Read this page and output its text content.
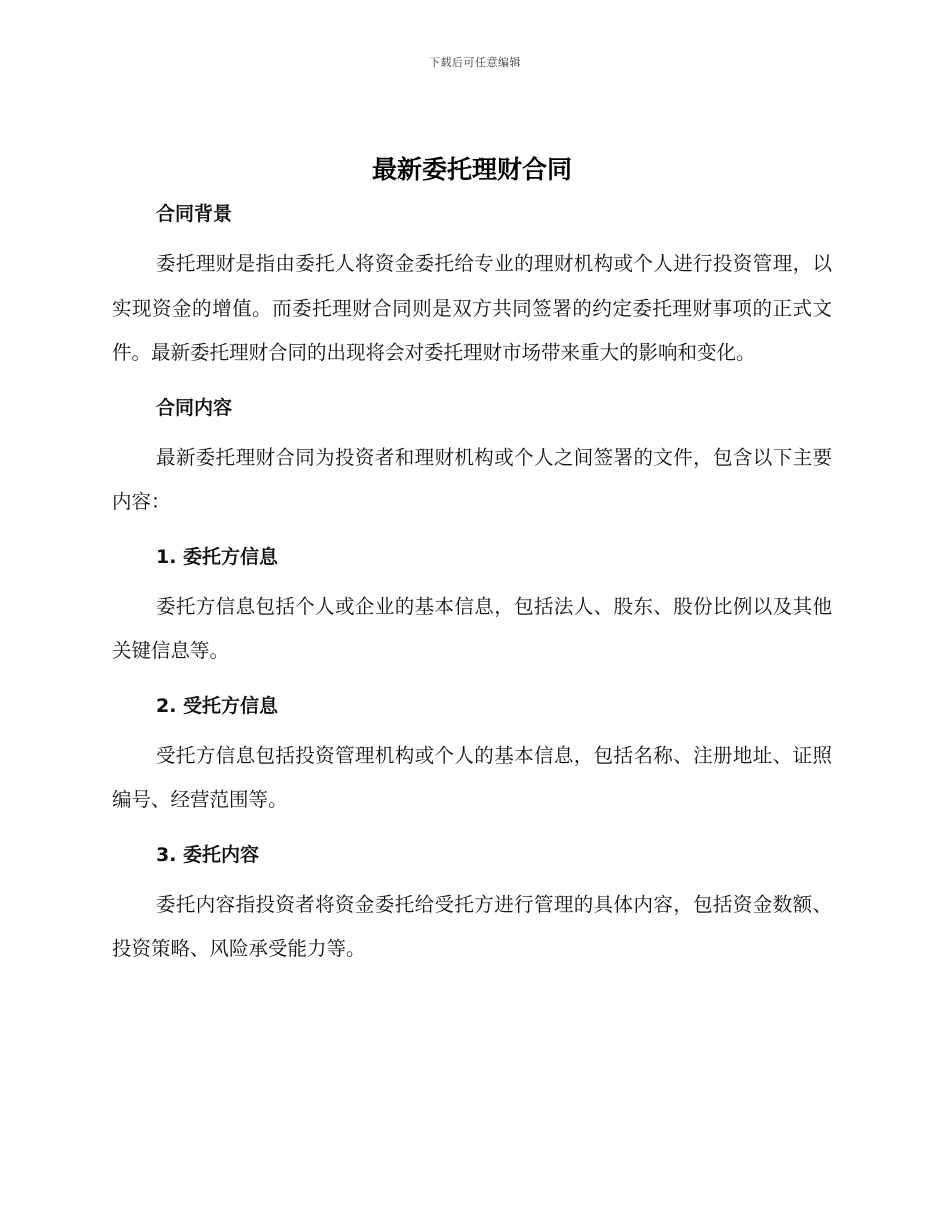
下载后可任意编辑
最新委托理财合同
合同背景

委托理财是指由委托人将资金委托给专业的理财机构或个人进行投资管理，以实现资金的增值。而委托理财合同则是双方共同签署的约定委托理财事项的正式文件。最新委托理财合同的出现将会对委托理财市场带来重大的影响和变化。

合同内容

最新委托理财合同为投资者和理财机构或个人之间签署的文件，包含以下主要内容：

1. 委托方信息

委托方信息包括个人或企业的基本信息，包括法人、股东、股份比例以及其他关键信息等。

2. 受托方信息

受托方信息包括投资管理机构或个人的基本信息，包括名称、注册地址、证照编号、经营范围等。

3. 委托内容

委托内容指投资者将资金委托给受托方进行管理的具体内容，包括资金数额、投资策略、风险承受能力等。
